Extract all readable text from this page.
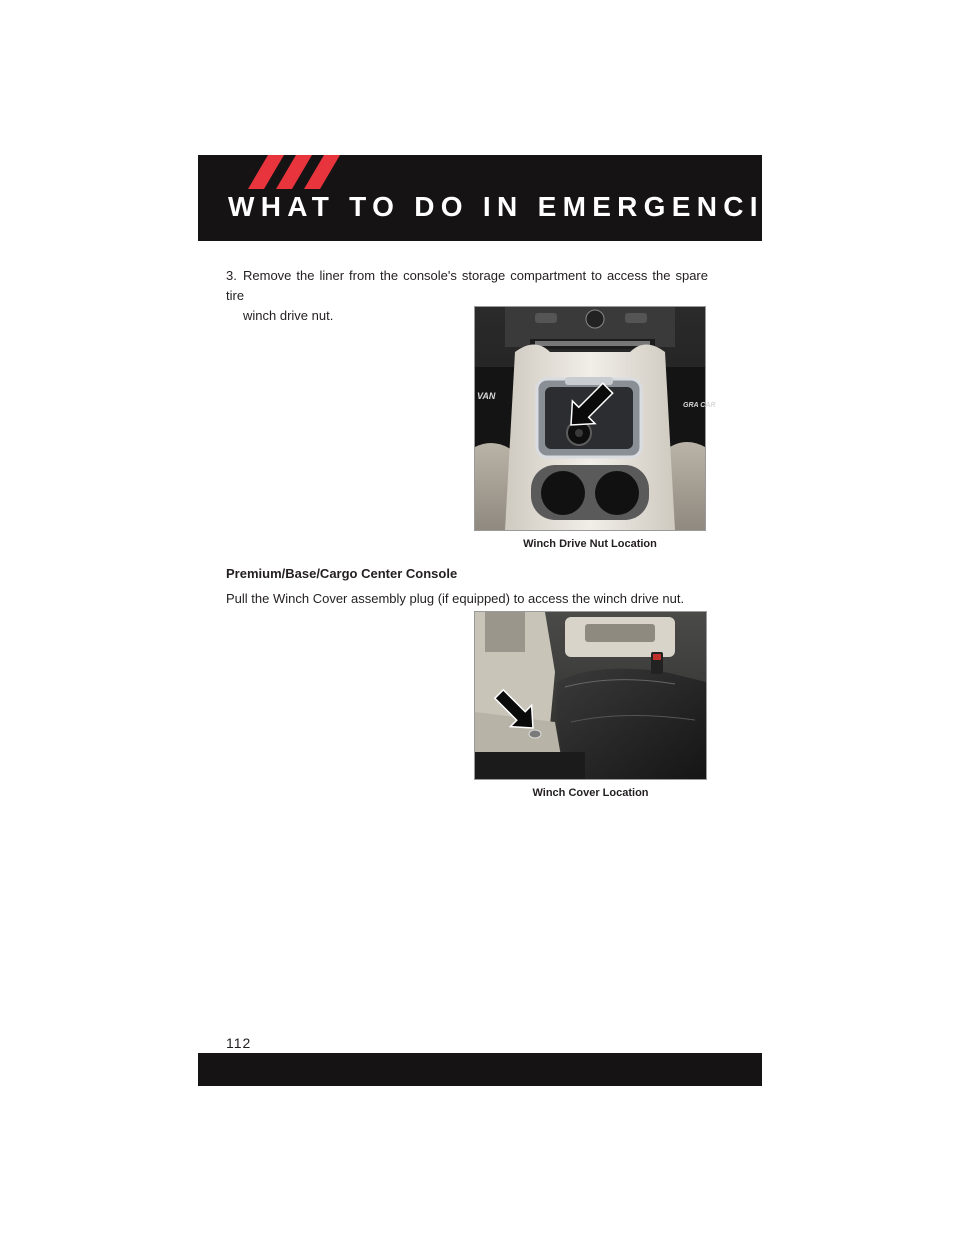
WHAT TO DO IN EMERGENCIES
3. Remove the liner from the console's storage compartment to access the spare tire
winch drive nut.
VAN
GRA CAR
Winch Drive Nut Location
Premium/Base/Cargo Center Console
Pull the Winch Cover assembly plug (if equipped) to access the winch drive nut.
Winch Cover Location
112
